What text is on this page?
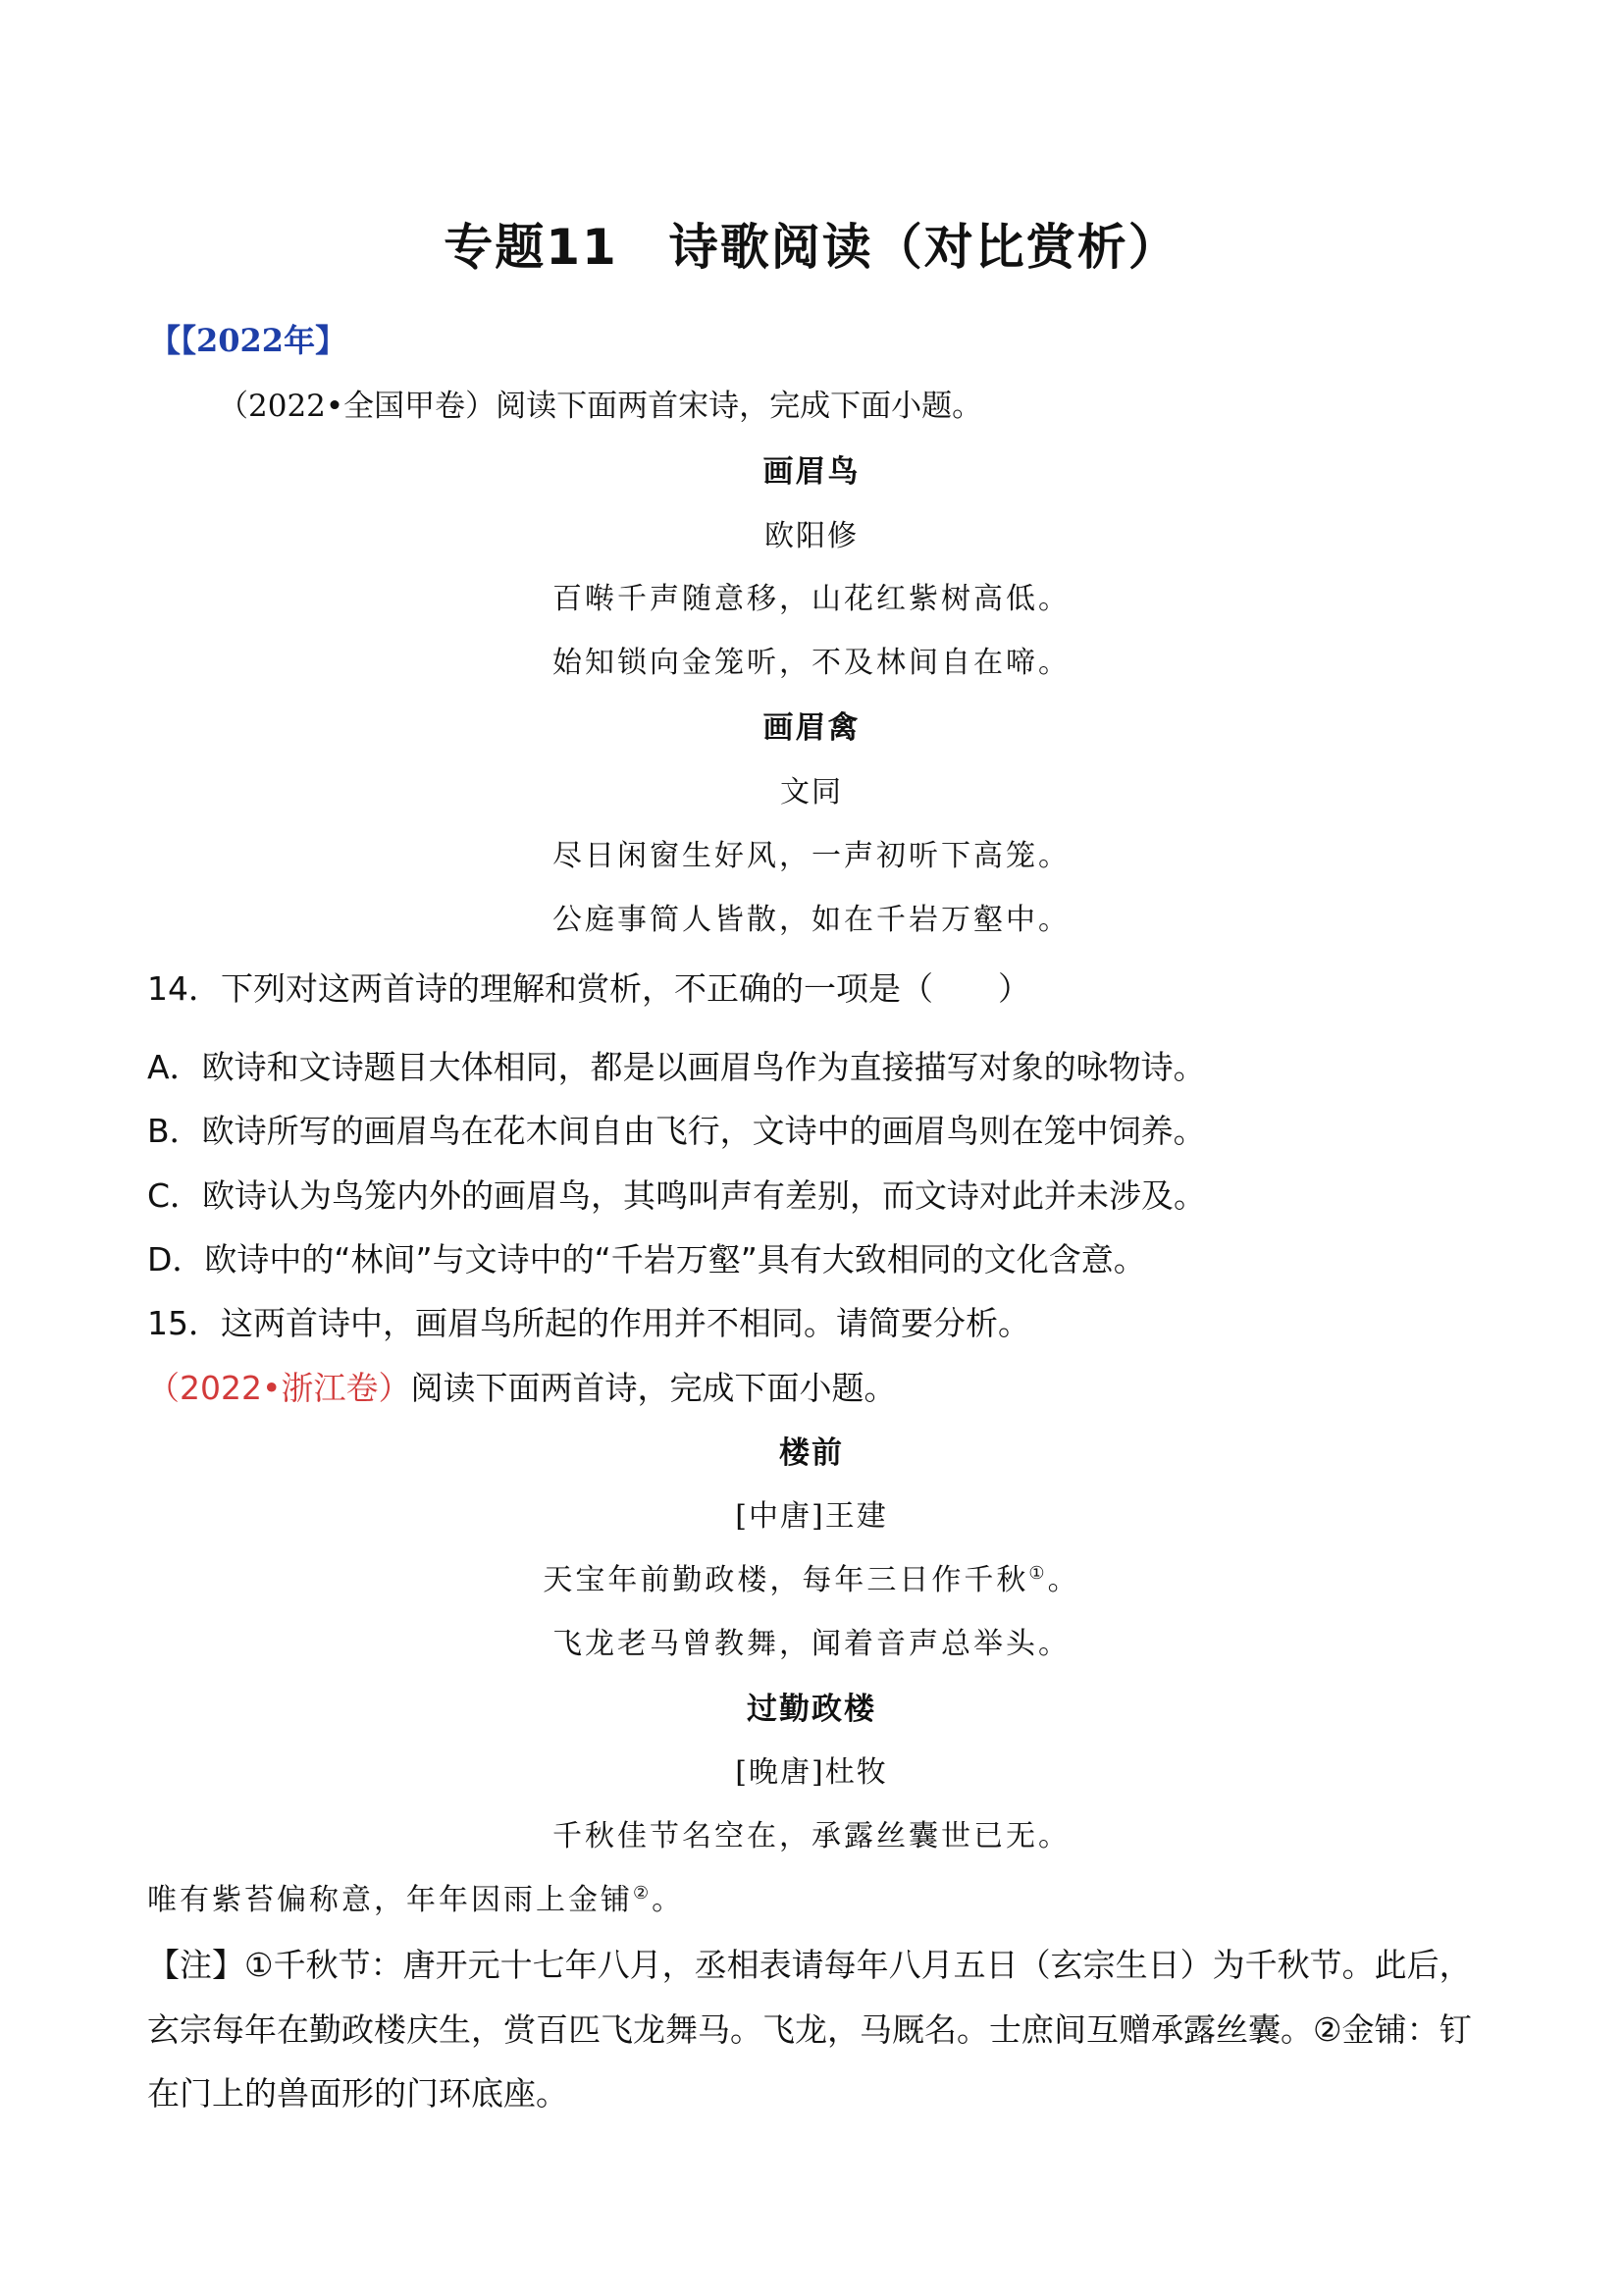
专题11　诗歌阅读（对比赏析）
【【2022年】
（2022•全国甲卷）阅读下面两首宋诗，完成下面小题。
画眉鸟
欧阳修
百啭千声随意移，山花红紫树高低。
始知锁向金笼听，不及林间自在啼。
画眉禽
文同
尽日闲窗生好风，一声初听下高笼。
公庭事简人皆散，如在千岩万壑中。
14．下列对这两首诗的理解和赏析，不正确的一项是（　　）
A．欧诗和文诗题目大体相同，都是以画眉鸟作为直接描写对象的咏物诗。
B．欧诗所写的画眉鸟在花木间自由飞行，文诗中的画眉鸟则在笼中饲养。
C．欧诗认为鸟笼内外的画眉鸟，其鸣叫声有差别，而文诗对此并未涉及。
D．欧诗中的“林间”与文诗中的“千岩万壑”具有大致相同的文化含意。
15．这两首诗中，画眉鸟所起的作用并不相同。请简要分析。
（2022•浙江卷）阅读下面两首诗，完成下面小题。
楼前
[中唐]王建
天宝年前勤政楼，每年三日作千秋①。
飞龙老马曾教舞，闻着音声总举头。
过勤政楼
[晚唐]杜牧
千秋佳节名空在，承露丝囊世已无。
唯有紫苔偏称意，年年因雨上金铺②。
【注】①千秋节：唐开元十七年八月，丞相表请每年八月五日（玄宗生日）为千秋节。此后，
玄宗每年在勤政楼庆生，赏百匹飞龙舞马。飞龙，马厩名。士庶间互赠承露丝囊。②金铺：钉
在门上的兽面形的门环底座。
